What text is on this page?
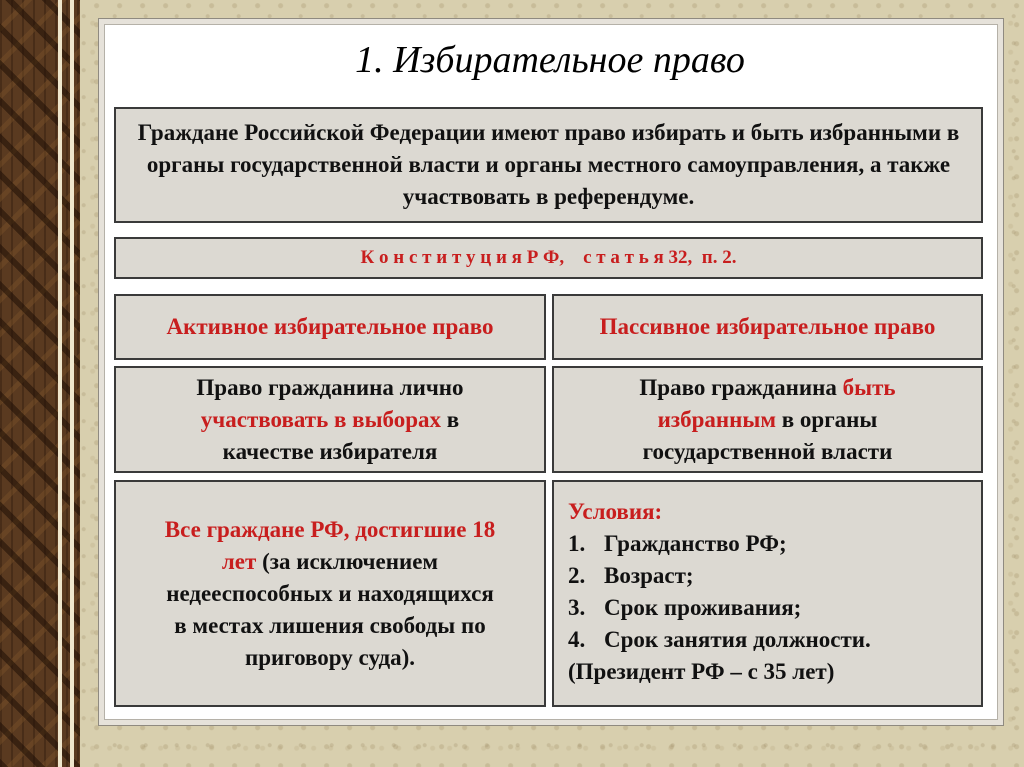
1. Избирательное право
Граждане Российской Федерации имеют право избирать и быть избранными в органы государственной власти и органы местного самоуправления, а также участвовать в референдуме.
К о н с т и т у ц и я Р Ф,    с т а т ь я 32,  п. 2.
Активное избирательное право	Пассивное избирательное право
Право гражданина лично участвовать в выборах в качестве избирателя
Право гражданина быть избранным в органы государственной власти
Все граждане РФ, достигшие 18 лет (за исключением недееспособных и находящихся в местах лишения свободы по приговору суда).
Условия:
1. Гражданство РФ;
2. Возраст;
3. Срок проживания;
4. Срок занятия должности.
(Президент РФ – с 35 лет)
